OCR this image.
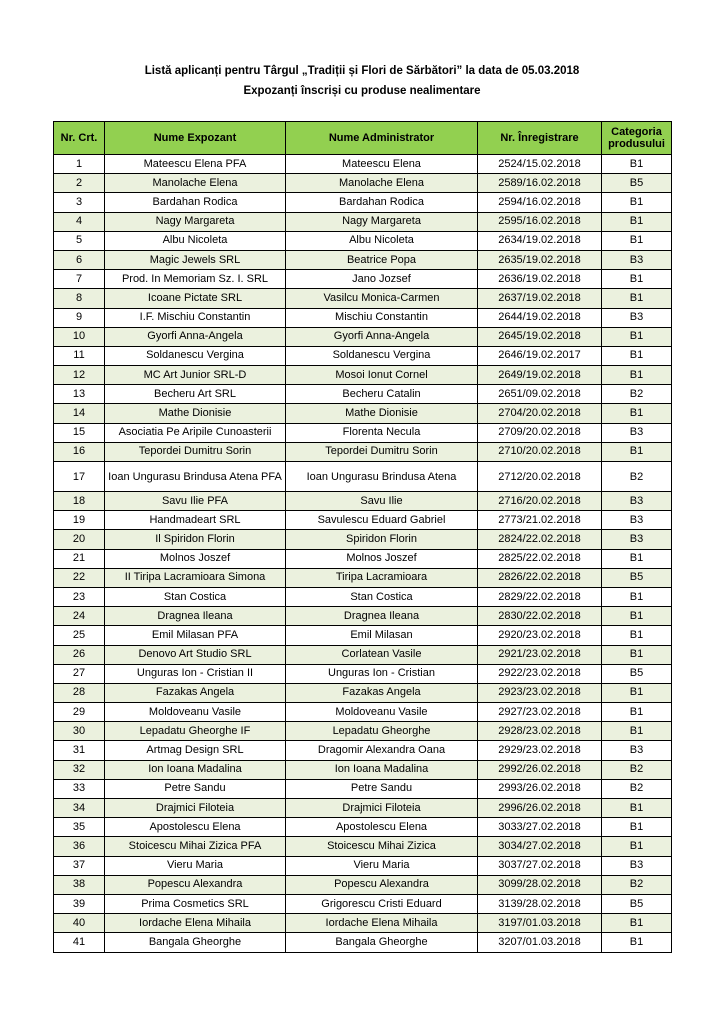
Listă aplicanți pentru Târgul „Tradiții și Flori de Sărbători” la data de 05.03.2018
Expozanți înscriși cu produse nealimentare
Nr. Crt.	Nume Expozant	Nume Administrator	Nr. Înregistrare	Categoria produsului
1	Mateescu Elena PFA	Mateescu Elena	2524/15.02.2018	B1
2	Manolache Elena	Manolache Elena	2589/16.02.2018	B5
3	Bardahan Rodica	Bardahan Rodica	2594/16.02.2018	B1
4	Nagy Margareta	Nagy Margareta	2595/16.02.2018	B1
5	Albu Nicoleta	Albu Nicoleta	2634/19.02.2018	B1
6	Magic Jewels SRL	Beatrice Popa	2635/19.02.2018	B3
7	Prod. In Memoriam Sz. I. SRL	Jano Jozsef	2636/19.02.2018	B1
8	Icoane Pictate SRL	Vasilcu Monica-Carmen	2637/19.02.2018	B1
9	I.F. Mischiu Constantin	Mischiu Constantin	2644/19.02.2018	B3
10	Gyorfi Anna-Angela	Gyorfi Anna-Angela	2645/19.02.2018	B1
11	Soldanescu Vergina	Soldanescu Vergina	2646/19.02.2017	B1
12	MC Art Junior SRL-D	Mosoi Ionut Cornel	2649/19.02.2018	B1
13	Becheru Art SRL	Becheru Catalin	2651/09.02.2018	B2
14	Mathe Dionisie	Mathe Dionisie	2704/20.02.2018	B1
15	Asociatia Pe Aripile Cunoasterii	Florenta Necula	2709/20.02.2018	B3
16	Tepordei Dumitru Sorin	Tepordei Dumitru Sorin	2710/20.02.2018	B1
17	Ioan Ungurasu Brindusa Atena PFA	Ioan Ungurasu Brindusa Atena	2712/20.02.2018	B2
18	Savu Ilie PFA	Savu Ilie	2716/20.02.2018	B3
19	Handmadeart SRL	Savulescu Eduard Gabriel	2773/21.02.2018	B3
20	Il Spiridon Florin	Spiridon Florin	2824/22.02.2018	B3
21	Molnos Joszef	Molnos Joszef	2825/22.02.2018	B1
22	II Tiripa Lacramioara Simona	Tiripa Lacramioara	2826/22.02.2018	B5
23	Stan Costica	Stan Costica	2829/22.02.2018	B1
24	Dragnea Ileana	Dragnea Ileana	2830/22.02.2018	B1
25	Emil Milasan PFA	Emil Milasan	2920/23.02.2018	B1
26	Denovo Art Studio SRL	Corlatean Vasile	2921/23.02.2018	B1
27	Unguras Ion - Cristian II	Unguras Ion - Cristian	2922/23.02.2018	B5
28	Fazakas Angela	Fazakas Angela	2923/23.02.2018	B1
29	Moldoveanu Vasile	Moldoveanu Vasile	2927/23.02.2018	B1
30	Lepadatu Gheorghe IF	Lepadatu Gheorghe	2928/23.02.2018	B1
31	Artmag Design SRL	Dragomir Alexandra Oana	2929/23.02.2018	B3
32	Ion Ioana Madalina	Ion Ioana Madalina	2992/26.02.2018	B2
33	Petre Sandu	Petre Sandu	2993/26.02.2018	B2
34	Drajmici Filoteia	Drajmici Filoteia	2996/26.02.2018	B1
35	Apostolescu Elena	Apostolescu Elena	3033/27.02.2018	B1
36	Stoicescu Mihai Zizica PFA	Stoicescu Mihai Zizica	3034/27.02.2018	B1
37	Vieru Maria	Vieru Maria	3037/27.02.2018	B3
38	Popescu Alexandra	Popescu Alexandra	3099/28.02.2018	B2
39	Prima Cosmetics SRL	Grigorescu Cristi Eduard	3139/28.02.2018	B5
40	Iordache Elena Mihaila	Iordache Elena Mihaila	3197/01.03.2018	B1
41	Bangala Gheorghe	Bangala Gheorghe	3207/01.03.2018	B1
